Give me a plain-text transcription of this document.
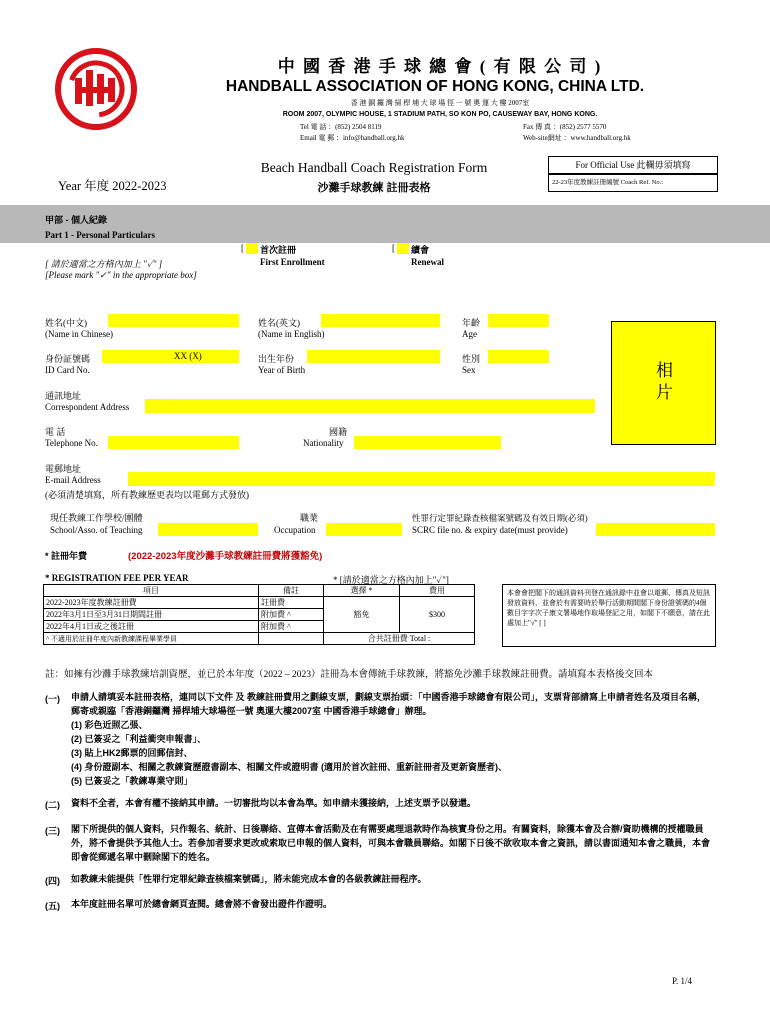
中 國 香 港 手 球 總 會 ( 有 限 公 司 )
HANDBALL ASSOCIATION OF HONG KONG, CHINA LTD.
香 港 銅 鑼 灣 掃 桿 埔 大 球 場 徑 一 號 奧 運 大 樓 2007室
ROOM 2007, OLYMPIC HOUSE, 1 STADIUM PATH, SO KON PO, CAUSEWAY BAY, HONG KONG.
Tel 電 話 ：(852) 2504 8119	Fax 傳 真 ：(852) 2577 5570
Email 電 郵 ：info@handball.org.hk	Web-site網址 ：www.handball.org.hk
Year 年度 2022-2023
Beach Handball Coach Registration Form
沙灘手球教練 註冊表格
For Official Use 此欄毋須填寫
22-23年度教練註冊編號 Coach Ref. No.:
甲部 - 個人紀錄
Part 1 - Personal Particulars
[ 請於適當之方格內加上 "✓" ]
[Please mark "✓" in the appropriate box]
[ 首次註冊
First Enrollment
[ 續會
Renewal
姓名(中文)
(Name in Chinese)
姓名(英文)
(Name in English)
年齡
Age
身份証號碼
ID Card No.
XX (X)	出生年份
Year of Birth
性別
Sex	相
片
通訊地址
Correspondent Address
電 話
Telephone No.
國籍
Nationality
電郵地址
E-mail Address
(必須清楚填寫，所有教練歷更表均以電郵方式發放)
現任教練工作學校/團體
School/Asso. of Teaching
職業
Occupation
性罪行定罪紀錄查核檔案號碼及有效日期(必須)
SCRC file no. & expiry date(must provide)
* 註冊年費	(2022-2023年度沙灘手球教練註冊費將獲豁免)
* REGISTRATION FEE PER YEAR	* [請於適當之方格內加上"✓"]
項目	備註	選擇 *	費用
2022-2023年度教練註冊費	註冊費	豁免	$300
2022年3月1日至3月31日期間註冊	附加費 ^		
2022年4月1日或之後註冊	附加費 ^		
^ 不適用於註冊年度內新教練課程畢業學員		合共註冊費 Total :	
本會會把閣下的通訊資料刊登在通訊錄中並會以電郵、傳真及短訊發放資料，並會於有需要時於舉行活動期間閣下身份證號碼的4個數目字字次子康文署場地作取場登記之用，如閣下不願意，請在此處加上"√" [ ]
註：如擁有沙灘手球教練培訓資歷，並已於本年度（2022 – 2023）註冊為本會傳統手球教練，將豁免沙灘手球教練註冊費。請填寫本表格後交回本
(一) 申請人請填妥本註冊表格，連同以下文件 及 教練註冊費用之劃線支票，劃線支票抬頭：「中國香港手球總會有限公司」，支票背部請寫上申請者姓名及項目名稱，郵寄或親臨「香港銅鑼灣 掃桿埔大球場徑一號 奧運大樓2007室 中國香港手球總會」辦理。
(1) 彩色近照乙張、
(2) 已簽妥之「利益衝突申報書」、
(3) 貼上HK2郵票的回郵信封、
(4) 身份證副本、相關之教練資歷證書副本、相關文件或證明書 (適用於首次註冊、重新註冊者及更新資歷者)、
(5) 已簽妥之「教練專業守則」
(二) 資料不全者，本會有權不接納其申請。一切審批均以本會為準。如申請未獲接納，上述支票予以發還。
(三) 閣下所提供的個人資料，只作報名、統計、日後聯絡、宣傳本會活動及在有需要處理退款時作為核實身份之用。有關資料，除獲本會及合辦/資助機構的授權職員外，將不會提供予其他人士。若參加者要求更改或索取已申報的個人資料，可與本會職員聯絡。如閣下日後不欲收取本會之資訊，請以書面通知本會之職員，本會即會從郵遞名單中刪除閣下的姓名。
(四) 如教練未能提供「性罪行定罪紀錄查核檔案號碼」，將未能完成本會的各級教練註冊程序。
(五) 本年度註冊名單可於總會網頁查閱。總會將不會發出證件作證明。
P. 1/4
